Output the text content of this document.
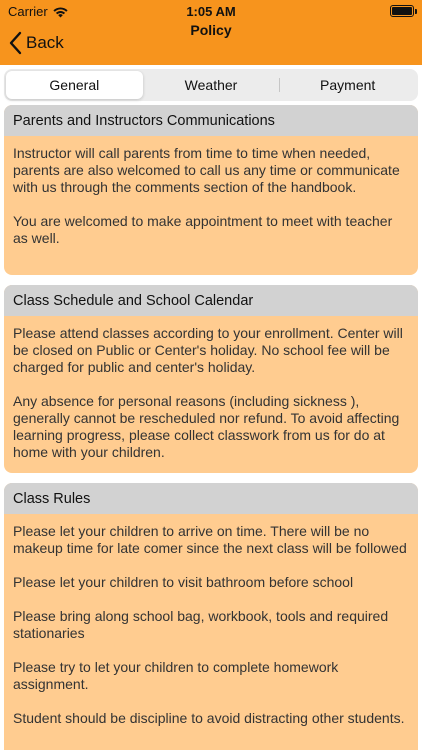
Carrier	1:05 AM
Back
Policy
General	Weather	Payment
Parents and Instructors Communications
Instructor will call parents from time to time when needed, parents are also welcomed to call us any time or communicate with us through the comments section of the handbook.
You are welcomed to make appointment to meet with teacher as well.
Class Schedule and School Calendar
Please attend classes according to your enrollment. Center will be closed on Public or Center's holiday. No school fee will be charged for public and center's holiday.
Any absence for personal reasons (including sickness ), generally cannot be rescheduled nor refund. To avoid affecting learning progress, please collect classwork from us for do at home with your children.
Class Rules
Please let your children to arrive on time. There will be no makeup time for late comer since the next class will be followed
Please let your children to visit bathroom before school
Please bring along school bag, workbook, tools and required stationaries
Please try to let your children to complete homework assignment.
Student should be discipline to avoid distracting other students.
